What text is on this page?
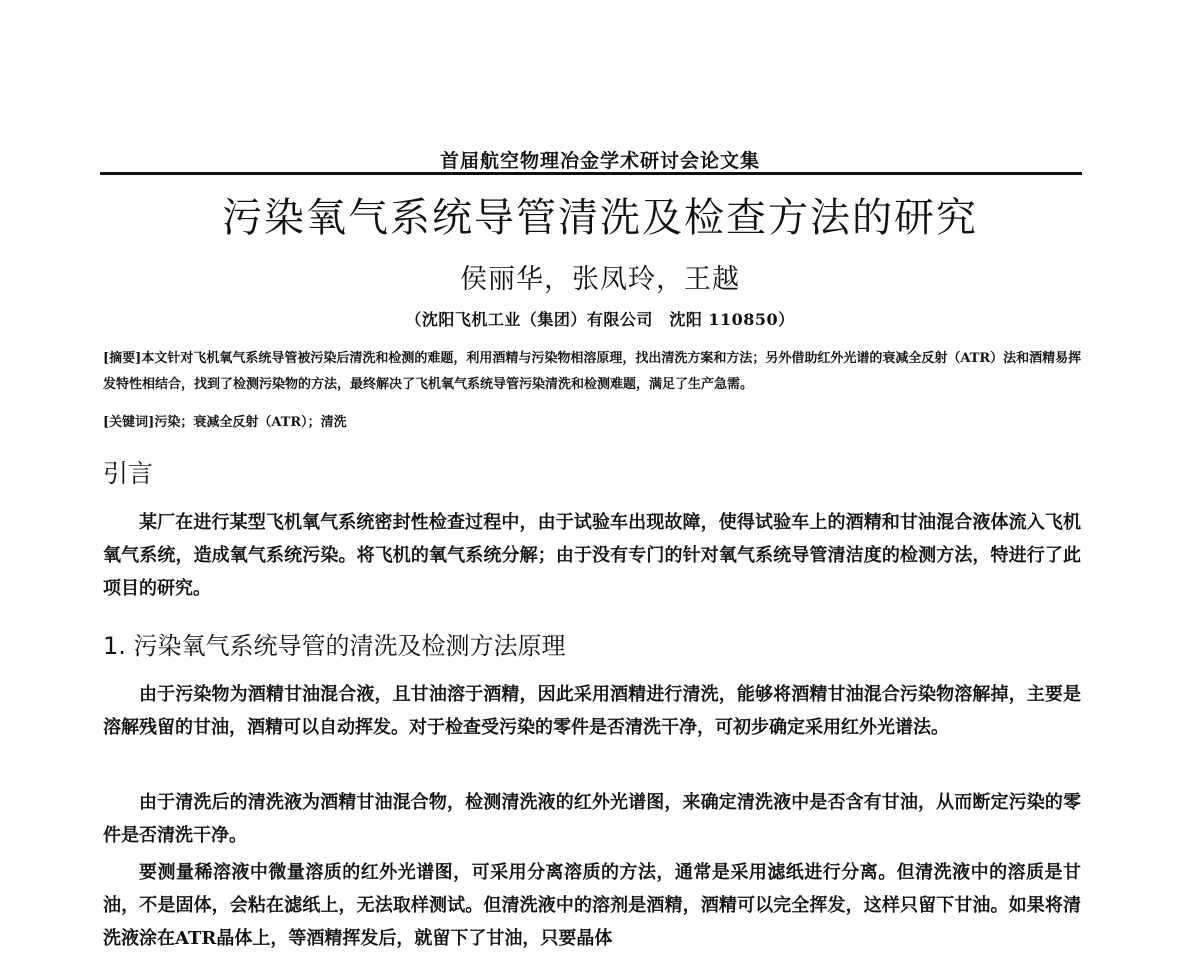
首届航空物理冶金学术研讨会论文集
污染氧气系统导管清洗及检查方法的研究
侯丽华，张凤玲，王越
（沈阳飞机工业（集团）有限公司　沈阳 110850）
[摘要]本文针对飞机氧气系统导管被污染后清洗和检测的难题，利用酒精与污染物相溶原理，找出清洗方案和方法；另外借助红外光谱的衰减全反射（ATR）法和酒精易挥发特性相结合，找到了检测污染物的方法，最终解决了飞机氧气系统导管污染清洗和检测难题，满足了生产急需。
[关键词]污染；衰减全反射（ATR）；清洗
引言
某厂在进行某型飞机氧气系统密封性检查过程中，由于试验车出现故障，使得试验车上的酒精和甘油混合液体流入飞机氧气系统，造成氧气系统污染。将飞机的氧气系统分解；由于没有专门的针对氧气系统导管清洁度的检测方法，特进行了此项目的研究。
1. 污染氧气系统导管的清洗及检测方法原理
由于污染物为酒精甘油混合液，且甘油溶于酒精，因此采用酒精进行清洗，能够将酒精甘油混合污染物溶解掉，主要是溶解残留的甘油，酒精可以自动挥发。对于检查受污染的零件是否清洗干净，可初步确定采用红外光谱法。
由于清洗后的清洗液为酒精甘油混合物，检测清洗液的红外光谱图，来确定清洗液中是否含有甘油，从而断定污染的零件是否清洗干净。
要测量稀溶液中微量溶质的红外光谱图，可采用分离溶质的方法，通常是采用滤纸进行分离。但清洗液中的溶质是甘油，不是固体，会粘在滤纸上，无法取样测试。但清洗液中的溶剂是酒精，酒精可以完全挥发，这样只留下甘油。如果将清洗液涂在ATR晶体上，等酒精挥发后，就留下了甘油，只要晶体
